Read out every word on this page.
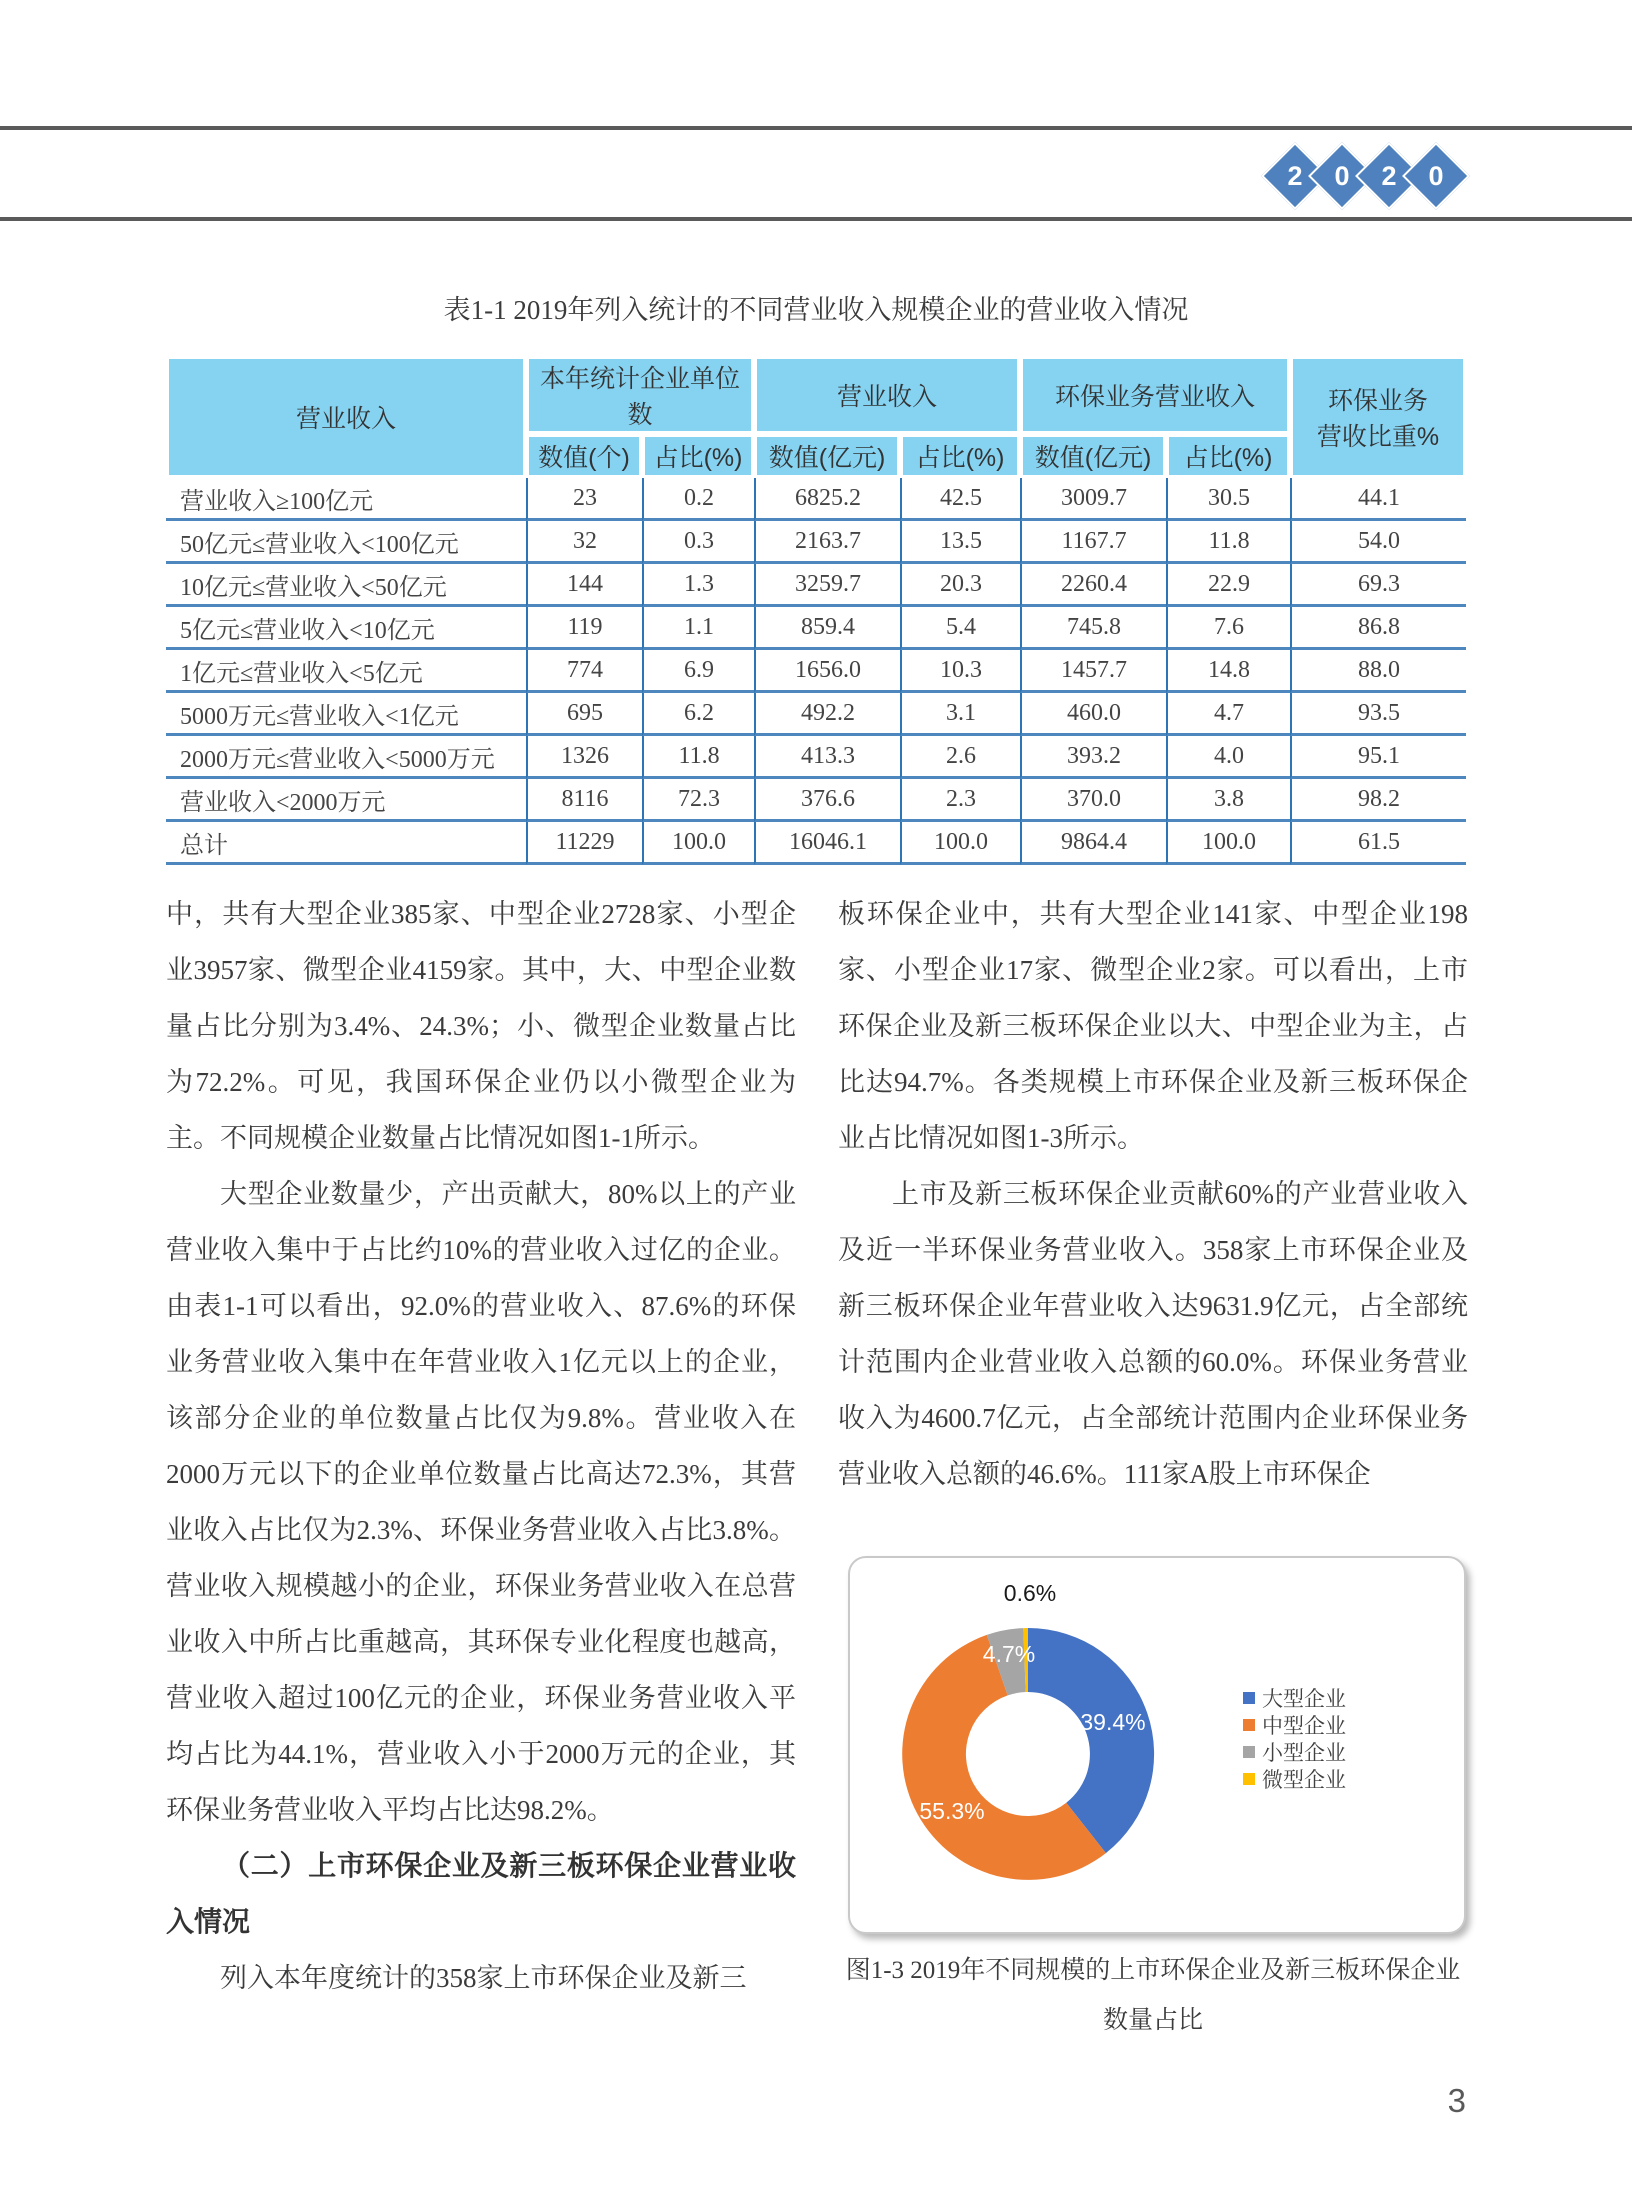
2	0	2	0
表1-1 2019年列入统计的不同营业收入规模企业的营业收入情况
营业收入	本年统计企业单位数		营业收入		环保业务营业收入		环保业务
营收比重%
	数值(个)	占比(%)	数值(亿元)	占比(%)	数值(亿元)	占比(%)	
营业收入≥100亿元	23	0.2	6825.2	42.5	3009.7	30.5	44.1
50亿元≤营业收入<100亿元	32	0.3	2163.7	13.5	1167.7	11.8	54.0
10亿元≤营业收入<50亿元	144	1.3	3259.7	20.3	2260.4	22.9	69.3
5亿元≤营业收入<10亿元	119	1.1	859.4	5.4	745.8	7.6	86.8
1亿元≤营业收入<5亿元	774	6.9	1656.0	10.3	1457.7	14.8	88.0
5000万元≤营业收入<1亿元	695	6.2	492.2	3.1	460.0	4.7	93.5
2000万元≤营业收入<5000万元	1326	11.8	413.3	2.6	393.2	4.0	95.1
营业收入<2000万元	8116	72.3	376.6	2.3	370.0	3.8	98.2
总计	11229	100.0	16046.1	100.0	9864.4	100.0	61.5

中，共有大型企业385家、中型企业2728家、小型企业3957家、微型企业4159家。其中，大、中型企业数量占比分别为3.4%、24.3%；小、微型企业数量占比为72.2%。可见，我国环保企业仍以小微型企业为主。不同规模企业数量占比情况如图1-1所示。

大型企业数量少，产出贡献大，80%以上的产业营业收入集中于占比约10%的营业收入过亿的企业。由表1-1可以看出，92.0%的营业收入、87.6%的环保业务营业收入集中在年营业收入1亿元以上的企业，该部分企业的单位数量占比仅为9.8%。营业收入在2000万元以下的企业单位数量占比高达72.3%，其营业收入占比仅为2.3%、环保业务营业收入占比3.8%。营业收入规模越小的企业，环保业务营业收入在总营业收入中所占比重越高，其环保专业化程度也越高，营业收入超过100亿元的企业，环保业务营业收入平均占比为44.1%，营业收入小于2000万元的企业，其环保业务营业收入平均占比达98.2%。

（二）上市环保企业及新三板环保企业营业收入情况

列入本年度统计的358家上市环保企业及新三

板环保企业中，共有大型企业141家、中型企业198家、小型企业17家、微型企业2家。可以看出，上市环保企业及新三板环保企业以大、中型企业为主，占比达94.7%。各类规模上市环保企业及新三板环保企业占比情况如图1-3所示。

上市及新三板环保企业贡献60%的产业营业收入及近一半环保业务营业收入。358家上市环保企业及新三板环保企业年营业收入达9631.9亿元，占全部统计范围内企业营业收入总额的60.0%。环保业务营业收入为4600.7亿元，占全部统计范围内企业环保业务营业收入总额的46.6%。111家A股上市环保企

39.4%
55.3%
4.7%
0.6%
大型企业
中型企业
小型企业
微型企业
图1-3 2019年不同规模的上市环保企业及新三板环保企业
数量占比
3
